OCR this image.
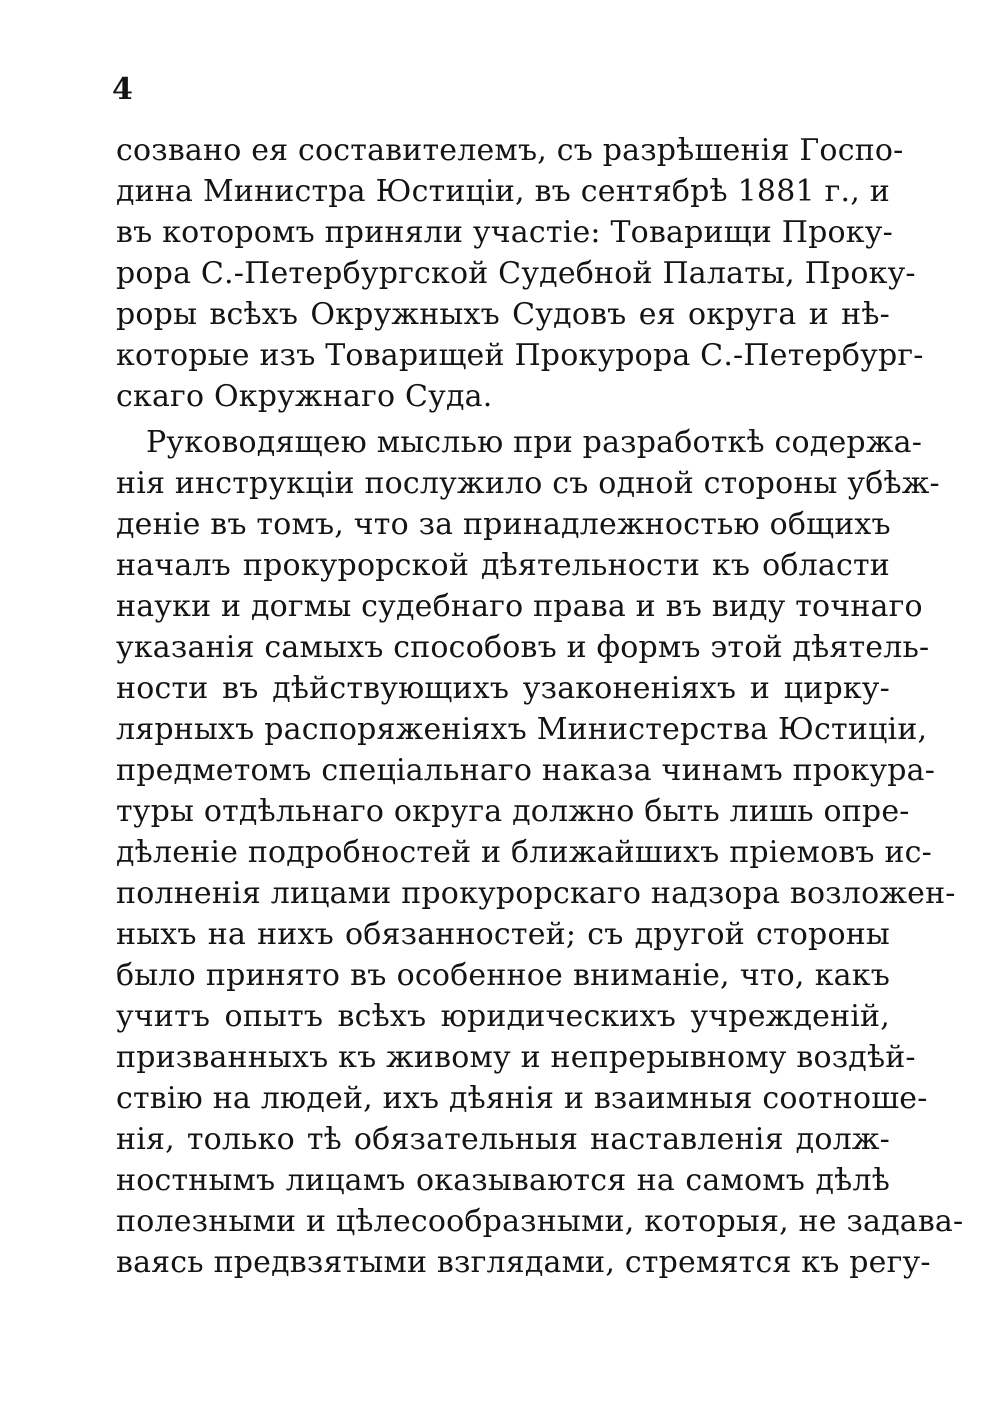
4
созвано ея составителемъ, съ разрѣшенія Госпо-
дина Министра Юстиціи, въ сентябрѣ 1881 г., и
въ которомъ приняли участіе: Товарищи Проку-
рора С.-Петербургской Судебной Палаты, Проку-
роры всѣхъ Окружныхъ Судовъ ея округа и нѣ-
которые изъ Товарищей Прокурора С.-Петербург-
скаго Окружнаго Суда.
Руководящею мыслью при разработкѣ содержа-
нія инструкціи послужило съ одной стороны убѣж-
деніе въ томъ, что за принадлежностью общихъ
началъ прокурорской дѣятельности къ области
науки и догмы судебнаго права и въ виду точнаго
указанія самыхъ способовъ и формъ этой дѣятель-
ности въ дѣйствующихъ узаконеніяхъ и цирку-
лярныхъ распоряженіяхъ Министерства Юстиціи,
предметомъ спеціальнаго наказа чинамъ прокура-
туры отдѣльнаго округа должно быть лишь опре-
дѣленіе подробностей и ближайшихъ пріемовъ ис-
полненія лицами прокурорскаго надзора возложен-
ныхъ на нихъ обязанностей; съ другой стороны
было принято въ особенное вниманіе, что, какъ
учитъ опытъ всѣхъ юридическихъ учрежденій,
призванныхъ къ живому и непрерывному воздѣй-
ствію на людей, ихъ дѣянія и взаимныя соотноше-
нія, только тѣ обязательныя наставленія долж-
ностнымъ лицамъ оказываются на самомъ дѣлѣ
полезными и цѣлесообразными, которыя, не задава-
ваясь предвзятыми взглядами, стремятся къ регу-
